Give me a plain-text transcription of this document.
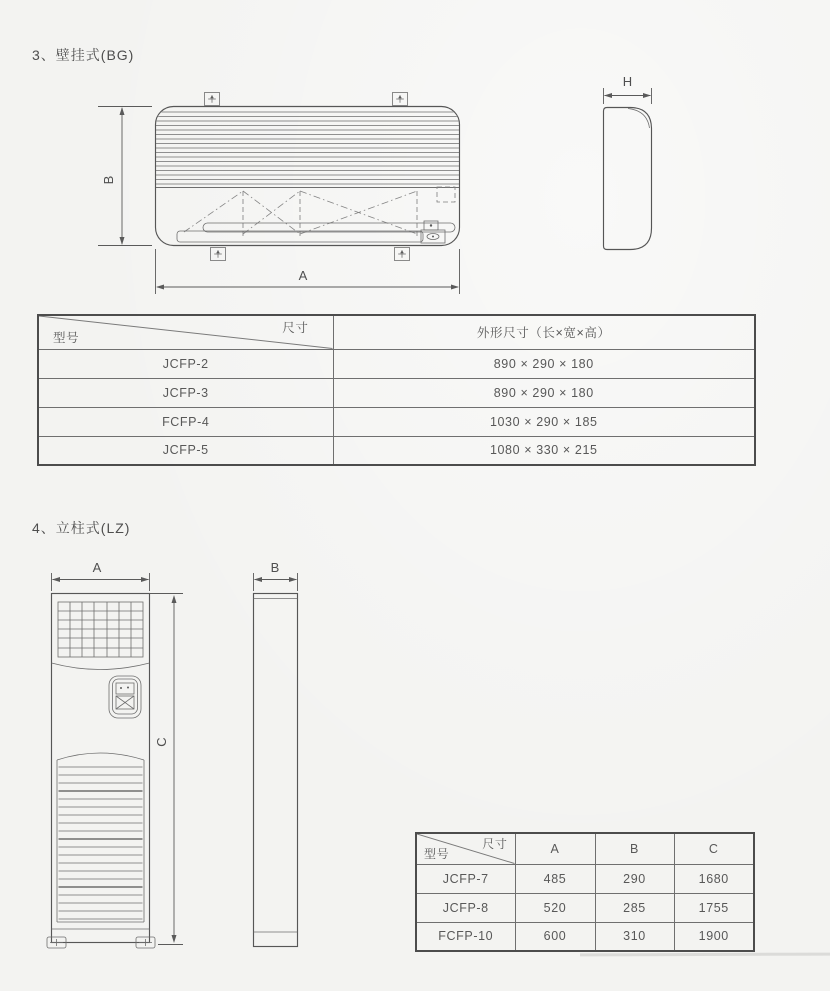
3、壁挂式(BG)
B
A
H
尺寸
型号	外形尺寸（长×宽×高）
JCFP-2	890 × 290 × 180
JCFP-3	890 × 290 × 180
FCFP-4	1030 × 290 × 185
JCFP-5	1080 × 330 × 215
4、立柱式(LZ)
A
C
B
尺寸
型号	A	B	C
JCFP-7	485	290	1680
JCFP-8	520	285	1755
FCFP-10	600	310	1900
